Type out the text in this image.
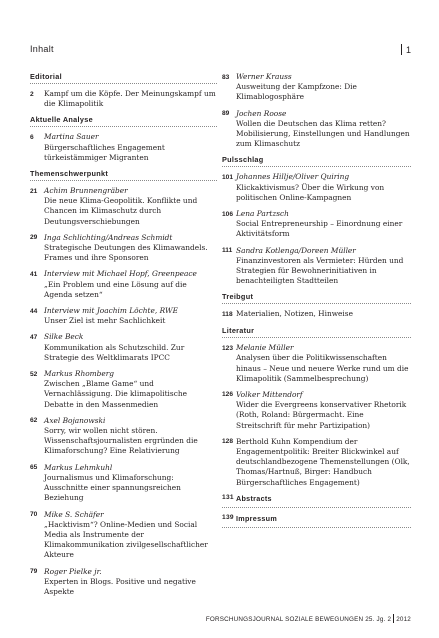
Inhalt	1
Editorial
2	Kampf um die Köpfe. Der Meinungskampf um die Klimapolitik
Aktuelle Analyse
6	Martina Sauer
Bürgerschaftliches Engagement türkeistämmiger Migranten
Themenschwerpunkt
21 Achim Brunnengräber
Die neue Klima-Geopolitik. Konflikte und Chancen im Klimaschutz durch Deutungsverschiebungen
29 Inga Schlichting/Andreas Schmidt
Strategische Deutungen des Klimawandels. Frames und ihre Sponsoren
41 Interview mit Michael Hopf, Greenpeace
„Ein Problem und eine Lösung auf die Agenda setzen“
44 Interview mit Joachim Löchte, RWE
Unser Ziel ist mehr Sachlichkeit
47 Silke Beck
Kommunikation als Schutzschild. Zur Strategie des Weltklimarats IPCC
52 Markus Rhomberg
Zwischen „Blame Game“ und Vernachlässigung. Die klimapolitische Debatte in den Massenmedien
62 Axel Bojanowski
Sorry, wir wollen nicht stören. Wissenschaftsjournalisten ergründen die Klimaforschung? Eine Relativierung
65 Markus Lehmkuhl
Journalismus und Klimaforschung: Ausschnitte einer spannungsreichen Beziehung
70 Mike S. Schäfer
„Hacktivism“? Online-Medien und Social Media als Instrumente der Klimakommunikation zivilgesellschaftlicher Akteure
79 Roger Pielke jr.
Experten in Blogs. Positive und negative Aspekte
83 Werner Krauss
Ausweitung der Kampfzone: Die Klimablogosphäre
89 Jochen Roose
Wollen die Deutschen das Klima retten? Mobilisierung, Einstellungen und Handlungen zum Klimaschutz
Pulsschlag
101 Johannes Hillje/Oliver Quiring
Klickaktivismus? Über die Wirkung von politischen Online-Kampagnen
106 Lena Partzsch
Social Entrepreneurship – Einordnung einer Aktivitätsform
111 Sandra Kotlenga/Doreen Müller
Finanzinvestoren als Vermieter: Hürden und Strategien für Bewohnerinitiativen in benachteiligten Stadtteilen
Treibgut
118 Materialien, Notizen, Hinweise
Literatur
123 Melanie Müller
Analysen über die Politikwissenschaften hinaus – Neue und neuere Werke rund um die Klimapolitik (Sammelbesprechung)
126 Volker Mittendorf
Wider die Evergreens konservativer Rhetorik (Roth, Roland: Bürgermacht. Eine Streitschrift für mehr Partizipation)
128 Berthold Kuhn Kompendium der Engagementpolitik: Breiter Blickwinkel auf deutschlandbezogene Themenstellungen (Olk, Thomas/Hartnuß, Birger: Handbuch Bürgerschaftliches Engagement)
131 Abstracts
139 Impressum
FORSCHUNGSJOURNAL SOZIALE BEWEGUNGEN 25. Jg. 2 2012
